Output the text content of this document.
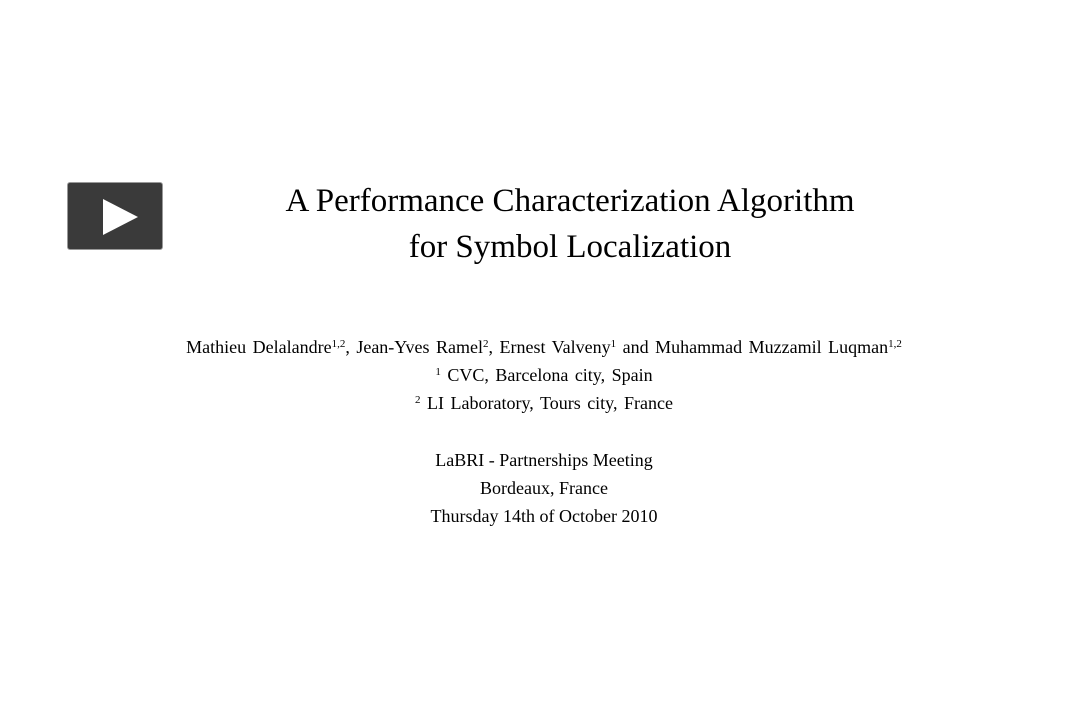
A Performance Characterization Algorithm
for Symbol Localization
Mathieu Delalandre$^{1,2}$, Jean-Yves Ramel$^2$, Ernest Valveny$^1$ and Muhammad Muzzamil Luqman$^{1,2}$
$^1$ CVC, Barcelona city, Spain
$^2$ LI Laboratory, Tours city, France
LaBRI - Partnerships Meeting
Bordeaux, France
Thursday 14th of October 2010
